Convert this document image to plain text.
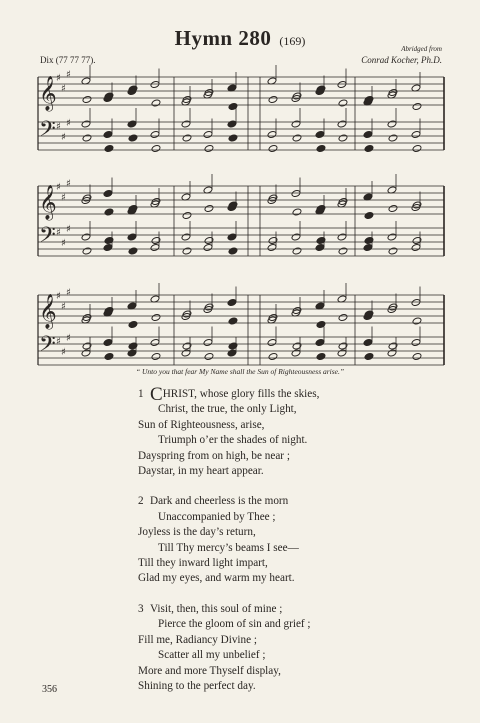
Hymn 280 (169)
Dix (77 77 77).
Abridged from
Conrad Kocher, Ph.D.
𝄞 ♯
♯
♯
𝄢 ♯
♯
♯
𝄞 ♯
♯
♯
𝄢 ♯
♯
♯
𝄞 ♯
♯
♯
𝄢 ♯
♯
♯
“ Unto you that fear My Name shall the Sun of Righteousness arise.”
1 CHRIST, whose glory fills the skies,
Christ, the true, the only Light,
Sun of Righteousness, arise,
Triumph o’er the shades of night.
Dayspring from on high, be near ;
Daystar, in my heart appear.
2 Dark and cheerless is the morn
Unaccompanied by Thee ;
Joyless is the day’s return,
Till Thy mercy’s beams I see—
Till they inward light impart,
Glad my eyes, and warm my heart.
3 Visit, then, this soul of mine ;
Pierce the gloom of sin and grief ;
Fill me, Radiancy Divine ;
Scatter all my unbelief ;
More and more Thyself display,
Shining to the perfect day.
356
